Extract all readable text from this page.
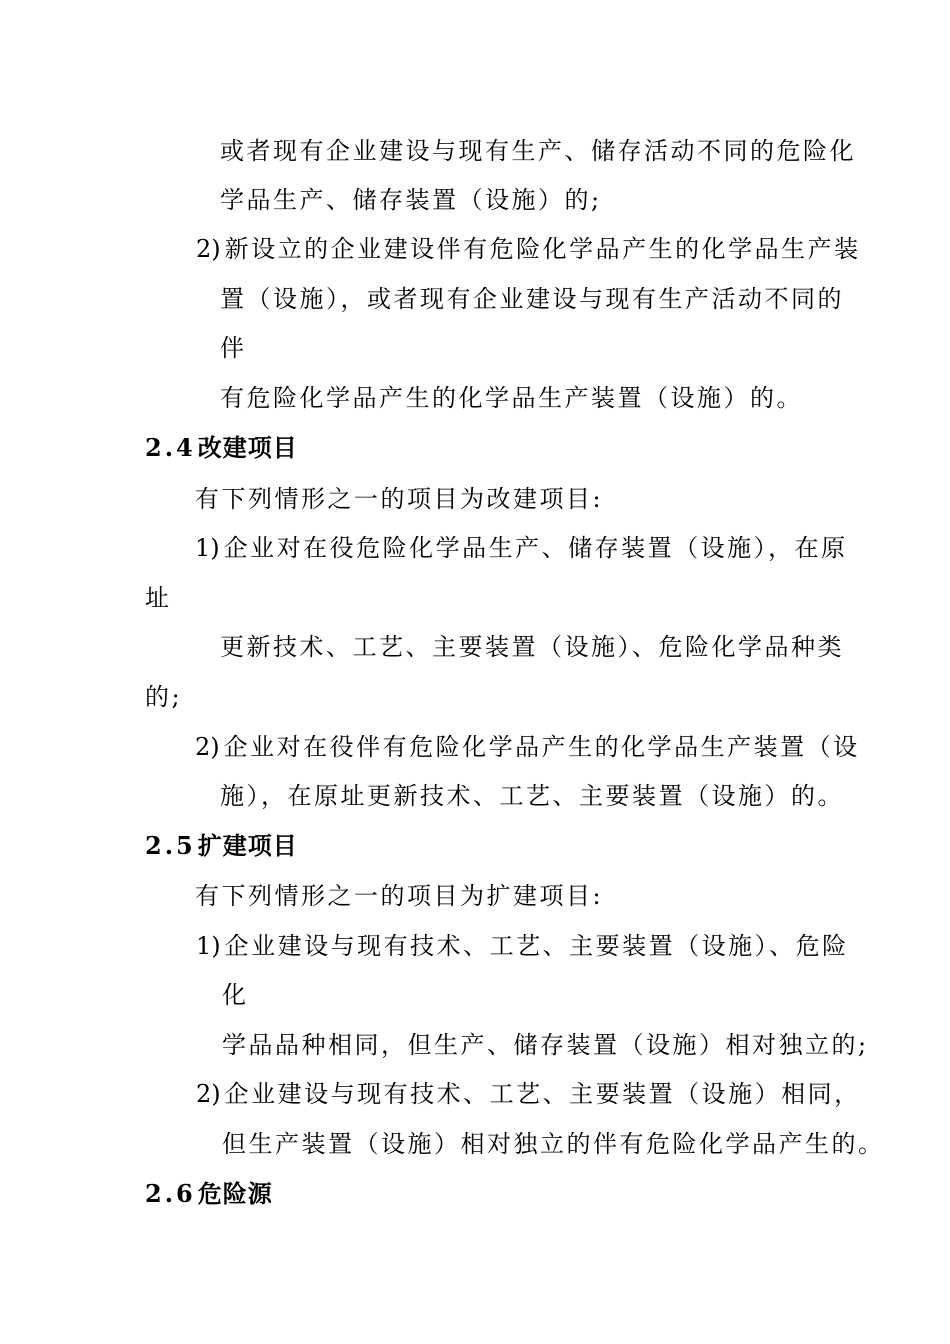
或者现有企业建设与现有生产、储存活动不同的危险化
学品生产、储存装置（设施）的;
2) 新设立的企业建设伴有危险化学品产生的化学品生产装
置（设施），或者现有企业建设与现有生产活动不同的
伴
有危险化学品产生的化学品生产装置（设施）的。
2.4改建项目
有下列情形之一的项目为改建项目:
1) 企业对在役危险化学品生产、储存装置（设施），在原
址
更新技术、工艺、主要装置（设施）、危险化学品种类
的;
2) 企业对在役伴有危险化学品产生的化学品生产装置（设
施），在原址更新技术、工艺、主要装置（设施）的。
2.5扩建项目
有下列情形之一的项目为扩建项目:
1) 企业建设与现有技术、工艺、主要装置（设施）、危险
化
学品品种相同，但生产、储存装置（设施）相对独立的;
2) 企业建设与现有技术、工艺、主要装置（设施）相同，
但生产装置（设施）相对独立的伴有危险化学品产生的。
2.6危险源
